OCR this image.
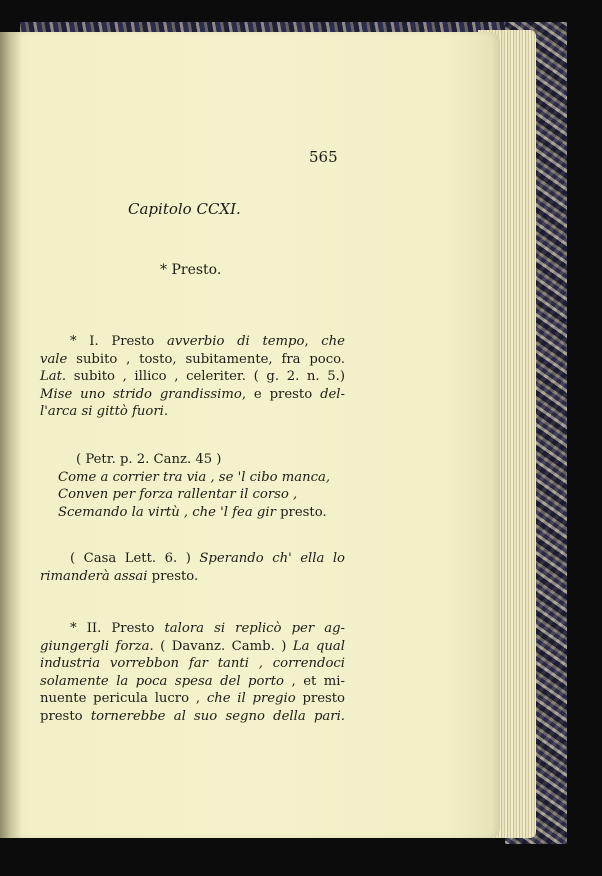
565
Capitolo CCXI.
* Presto.
* I. Presto avverbio di tempo, che
vale subito , tosto, subitamente, fra poco.
Lat. subito , illico , celeriter. ( g. 2. n. 5.)
Mise uno strido grandissimo, e presto del-
l'arca si gittò fuori.
( Petr. p. 2. Canz. 45 )
Come a corrier tra via , se 'l cibo manca,
Conven per forza rallentar il corso ,
Scemando la virtù , che 'l fea gir presto.
( Casa Lett. 6. ) Sperando ch' ella lo
rimanderà assai presto.
* II. Presto talora si replicò per ag-
giungergli forza. ( Davanz. Camb. ) La qual
industria vorrebbon far tanti , correndoci
solamente la poca spesa del porto , et mi-
nuente pericula lucro , che il pregio presto
presto tornerebbe al suo segno della pari.
